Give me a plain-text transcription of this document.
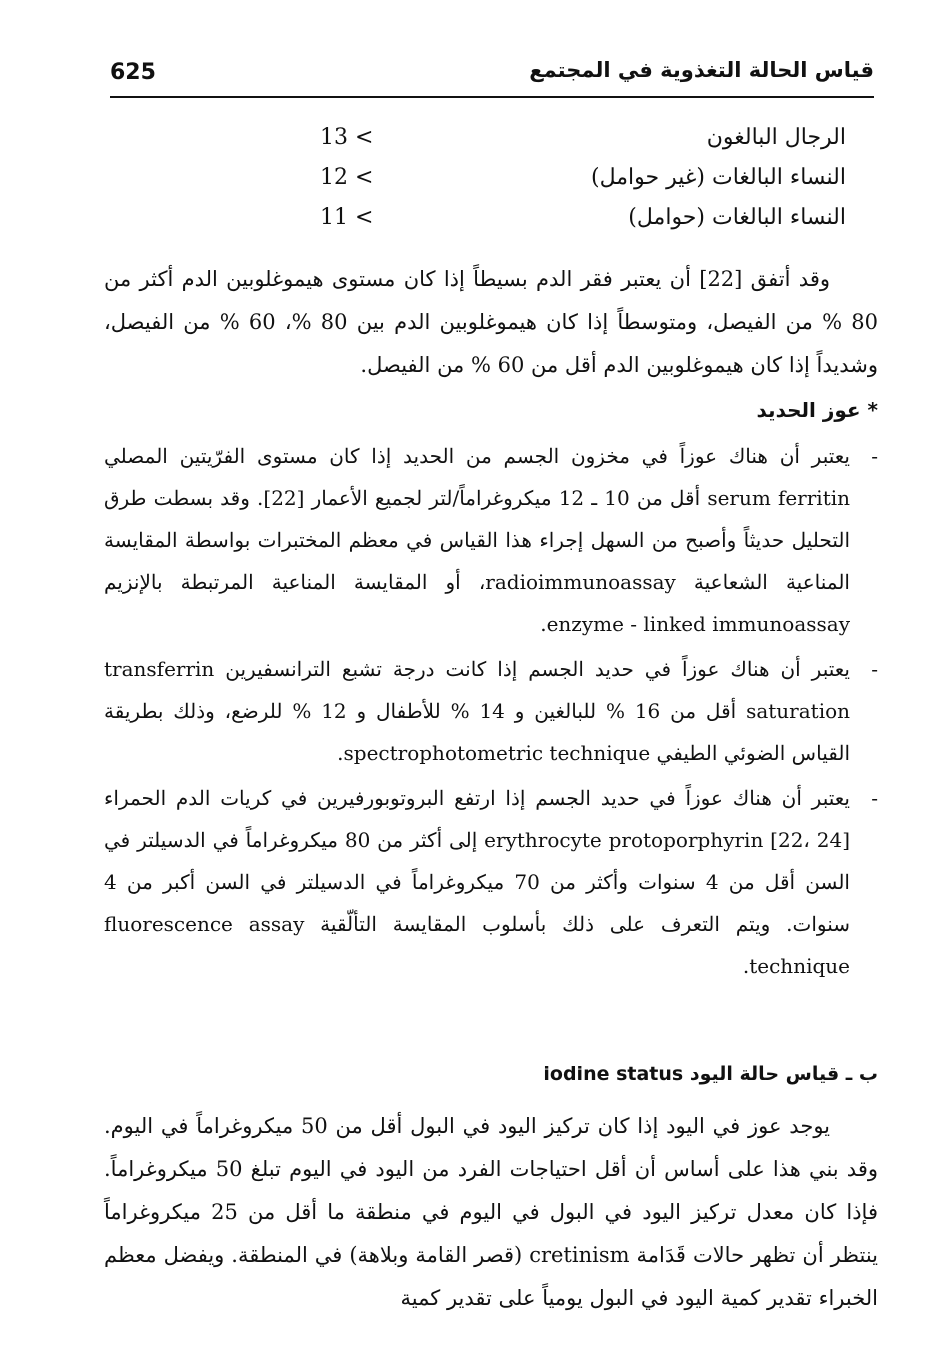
625	قياس الحالة التغذوية في المجتمع
الرجال البالغون
> 13
النساء البالغات (غير حوامل)
> 12
النساء البالغات (حوامل)
> 11

وقد أتفق [22] أن يعتبر فقر الدم بسيطاً إذا كان مستوى هيموغلوبين الدم أكثر من 80 % من الفيصل، ومتوسطاً إذا كان هيموغلوبين الدم بين 80 %، 60 % من الفيصل، وشديداً إذا كان هيموغلوبين الدم أقل من 60 % من الفيصل.

* عوز الحديد
-
يعتبر أن هناك عوزاً في مخزون الجسم من الحديد إذا كان مستوى الفرّيتين المصلي serum ferritin أقل من 10 ـ 12 ميكروغراماً/لتر لجميع الأعمار [22]. وقد بسطت طرق التحليل حديثاً وأصبح من السهل إجراء هذا القياس في معظم المختبرات بواسطة المقايسة المناعية الشعاعية radioimmunoassay، أو المقايسة المناعية المرتبطة بالإنزيم enzyme - linked immunoassay.
-
يعتبر أن هناك عوزاً في حديد الجسم إذا كانت درجة تشبع الترانسفيرين transferrin saturation أقل من 16 % للبالغين و 14 % للأطفال و 12 % للرضع، وذلك بطريقة القياس الضوئي الطيفي spectrophotometric technique.
-
يعتبر أن هناك عوزاً في حديد الجسم إذا ارتفع البروتوبورفيرين في كريات الدم الحمراء erythrocyte protoporphyrin [22، 24] إلى أكثر من 80 ميكروغراماً في الدسيلتر في السن أقل من 4 سنوات وأكثر من 70 ميكروغراماً في الدسيلتر في السن أكبر من 4 سنوات. ويتم التعرف على ذلك بأسلوب المقايسة التألّقية fluorescence assay technique.
ب ـ قياس حالة اليود iodine status

يوجد عوز في اليود إذا كان تركيز اليود في البول أقل من 50 ميكروغراماً في اليوم. وقد بني هذا على أساس أن أقل احتياجات الفرد من اليود في اليوم تبلغ 50 ميكروغراماً. فإذا كان معدل تركيز اليود في البول في اليوم في منطقة ما أقل من 25 ميكروغراماً ينتظر أن تظهر حالات قَدَامة cretinism (قصر القامة وبلاهة) في المنطقة. ويفضل معظم الخبراء تقدير كمية اليود في البول يومياً على تقدير كمية
